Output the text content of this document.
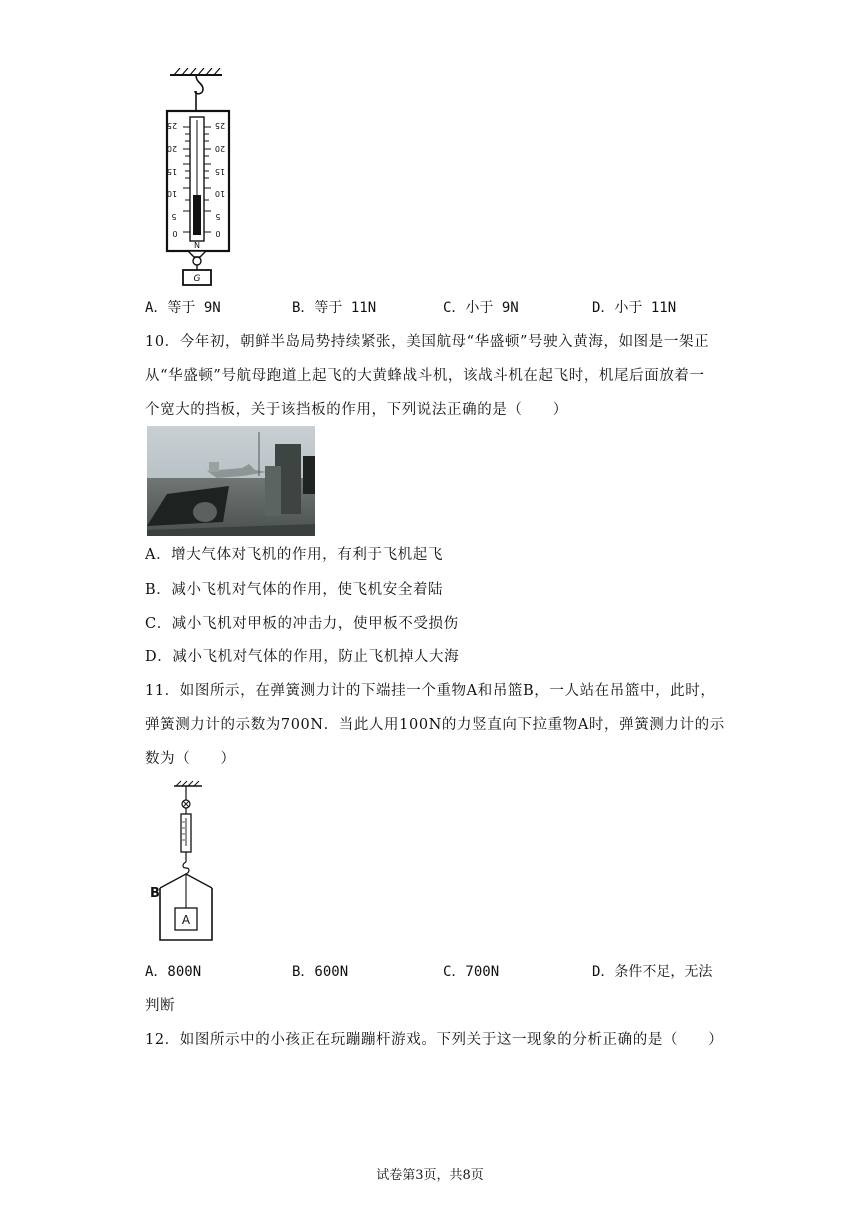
25
20
15
10
5
0
25
20
15
10
5
0
N
G
A．等于 9N	B．等于 11N	C．小于 9N	D．小于 11N
10．今年初，朝鲜半岛局势持续紧张，美国航母“华盛顿”号驶入黄海，如图是一架正
从“华盛顿”号航母跑道上起飞的大黄蜂战斗机，该战斗机在起飞时，机尾后面放着一
个宽大的挡板，关于该挡板的作用，下列说法正确的是（　　）
A．增大气体对飞机的作用，有利于飞机起飞
B．减小飞机对气体的作用，使飞机安全着陆
C．减小飞机对甲板的冲击力，使甲板不受损伤
D．减小飞机对气体的作用，防止飞机掉人大海
11．如图所示，在弹簧测力计的下端挂一个重物A和吊篮B，一人站在吊篮中，此时，
弹簧测力计的示数为700N．当此人用100N的力竖直向下拉重物A时，弹簧测力计的示
数为（　　）
A
B
A．800N	B．600N	C．700N	D．条件不足，无法
判断
12．如图所示中的小孩正在玩蹦蹦杆游戏。下列关于这一现象的分析正确的是（　　）
试卷第3页，共8页
